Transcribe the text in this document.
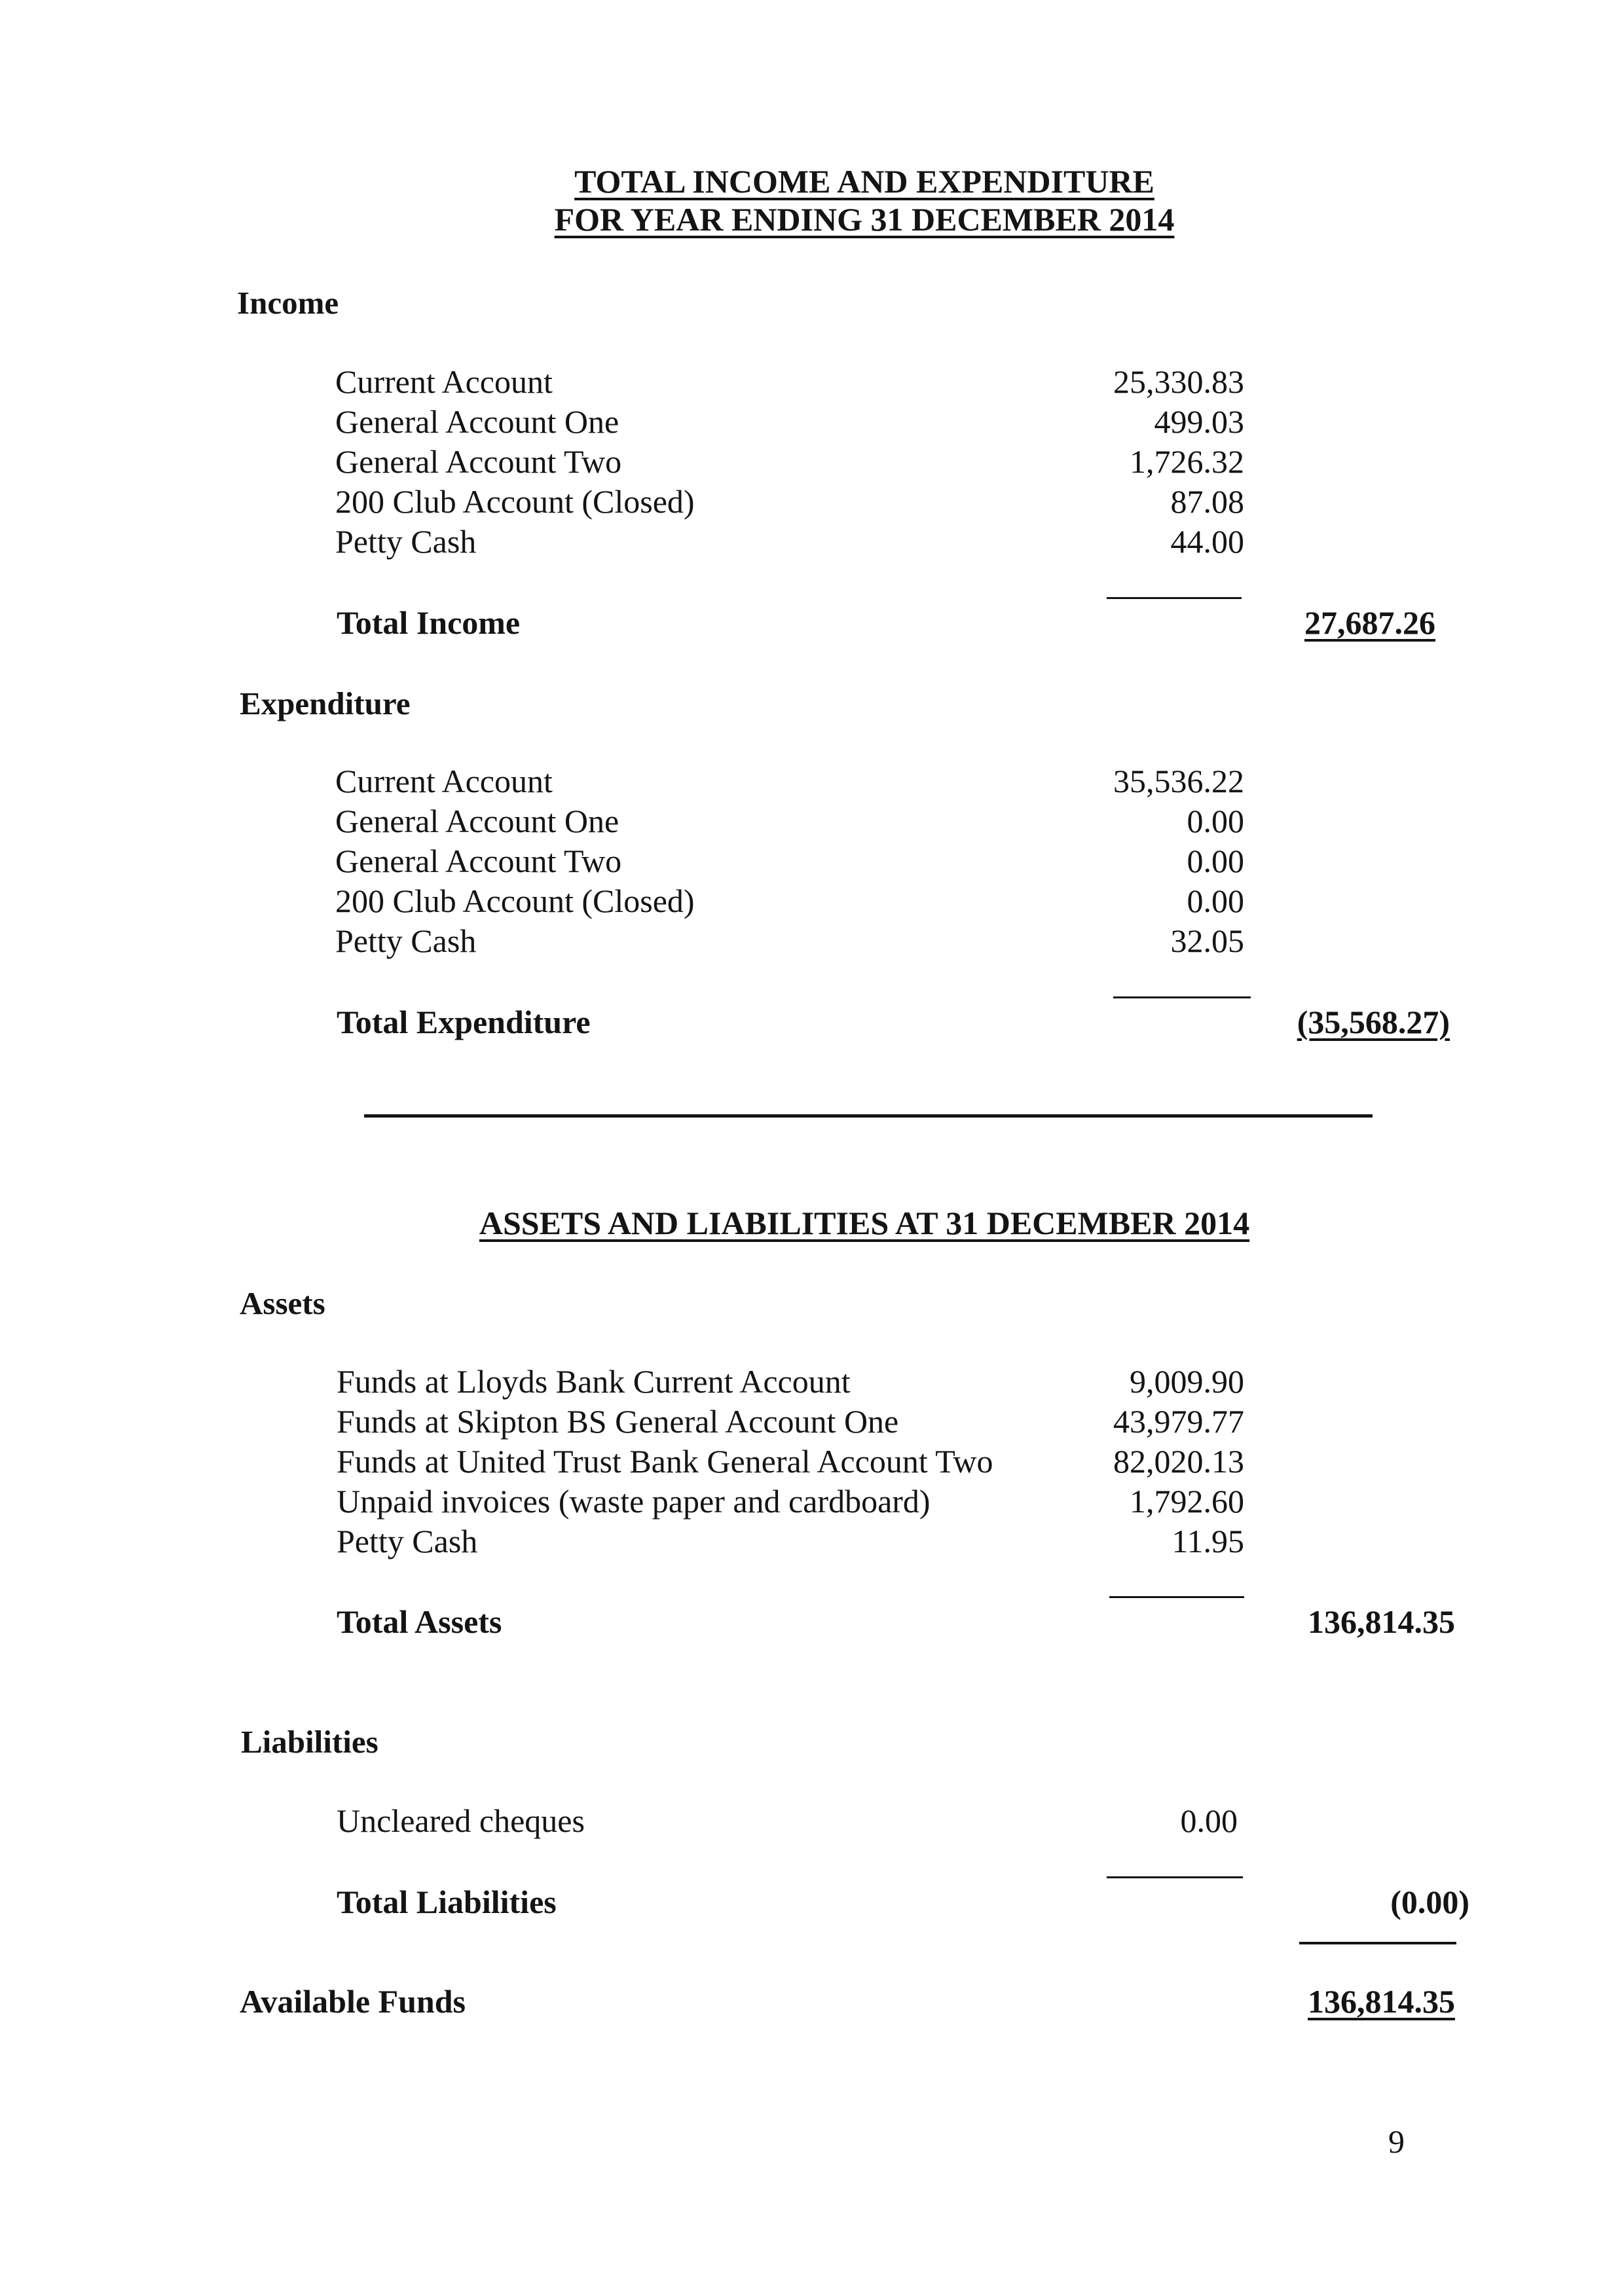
TOTAL INCOME AND EXPENDITURE
FOR YEAR ENDING 31 DECEMBER 2014
Income
Current Account	25,330.83
General Account One	499.03
General Account Two	1,726.32
200 Club Account (Closed)	87.08
Petty Cash	44.00
Total Income	27,687.26
Expenditure
Current Account	35,536.22
General Account One	0.00
General Account Two	0.00
200 Club Account (Closed)	0.00
Petty Cash	32.05
Total Expenditure	(35,568.27)
ASSETS AND LIABILITIES AT 31 DECEMBER 2014
Assets
Funds at Lloyds Bank Current Account	9,009.90
Funds at Skipton BS General Account One	43,979.77
Funds at United Trust Bank General Account Two	82,020.13
Unpaid invoices (waste paper and cardboard)	1,792.60
Petty Cash	11.95
Total Assets	136,814.35
Liabilities
Uncleared cheques	0.00
Total Liabilities	(0.00)
Available Funds	136,814.35
9
